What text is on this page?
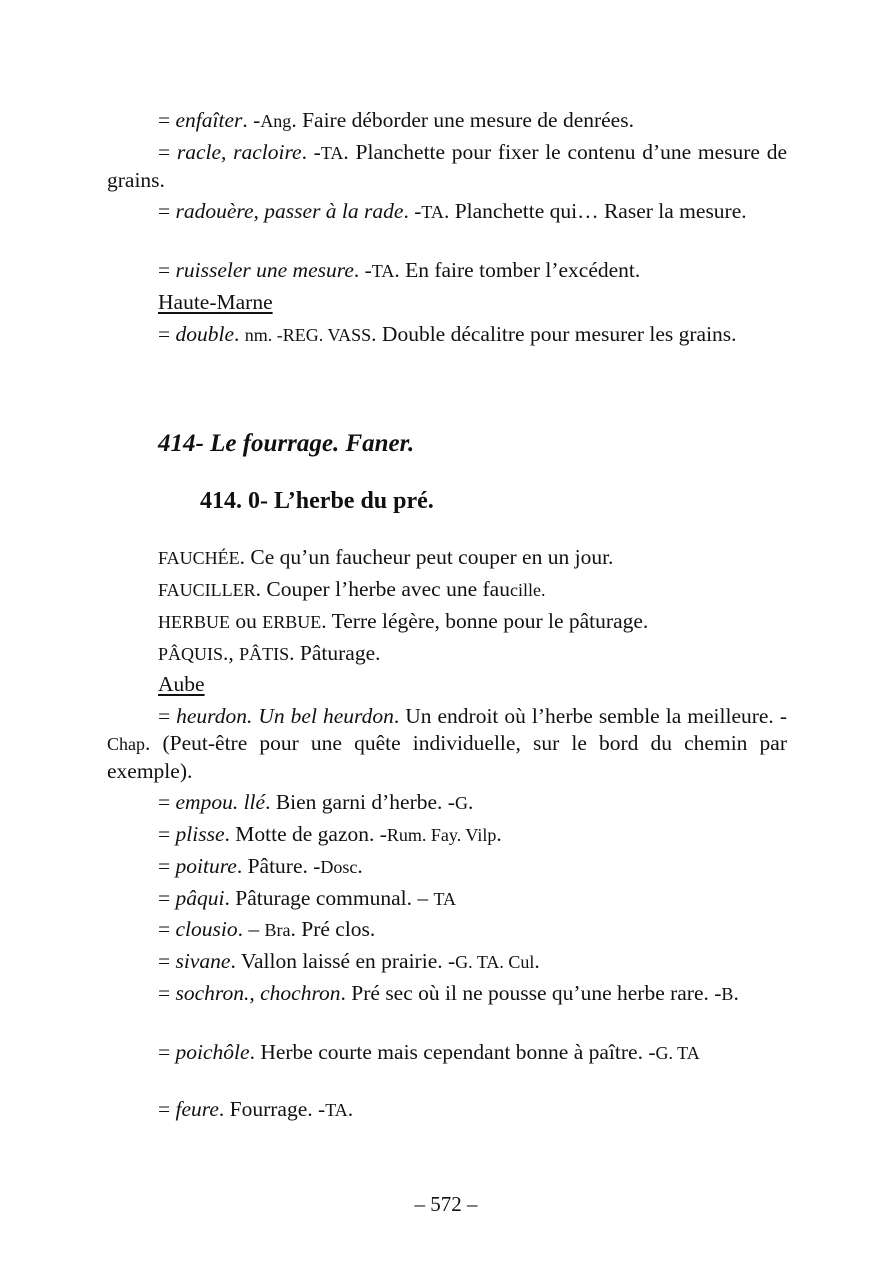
= enfaîter. -Ang. Faire déborder une mesure de denrées.

= racle, racloire. -TA. Planchette pour fixer le contenu d’une mesure de grains.

= radouère, passer à la rade. -TA. Planchette qui… Raser la mesure.

= ruisseler une mesure. -TA. En faire tomber l’excédent.

Haute-Marne

= double. nm. -REG. VASS. Double décalitre pour mesurer les grains.

414- Le fourrage. Faner.
414. 0- L’herbe du pré.

FAUCHÉE. Ce qu’un faucheur peut couper en un jour.

FAUCILLER. Couper l’herbe avec une faucille.

HERBUE ou ERBUE. Terre légère, bonne pour le pâturage.

PÂQUIS., PÂTIS. Pâturage.

Aube

= heurdon. Un bel heurdon. Un endroit où l’herbe semble la meilleure. -Chap. (Peut-être pour une quête individuelle, sur le bord du chemin par exemple).

= empou. llé. Bien garni d’herbe. -G.

= plisse. Motte de gazon. -Rum. Fay. Vilp.

= poiture. Pâture. -Dosc.

= pâqui. Pâturage communal. – TA

= clousio. – Bra. Pré clos.

= sivane. Vallon laissé en prairie. -G. TA. Cul.

= sochron., chochron. Pré sec où il ne pousse qu’une herbe rare. -B.

= poichôle. Herbe courte mais cependant bonne à paître. -G. TA

= feure. Fourrage. -TA.

– 572 –
